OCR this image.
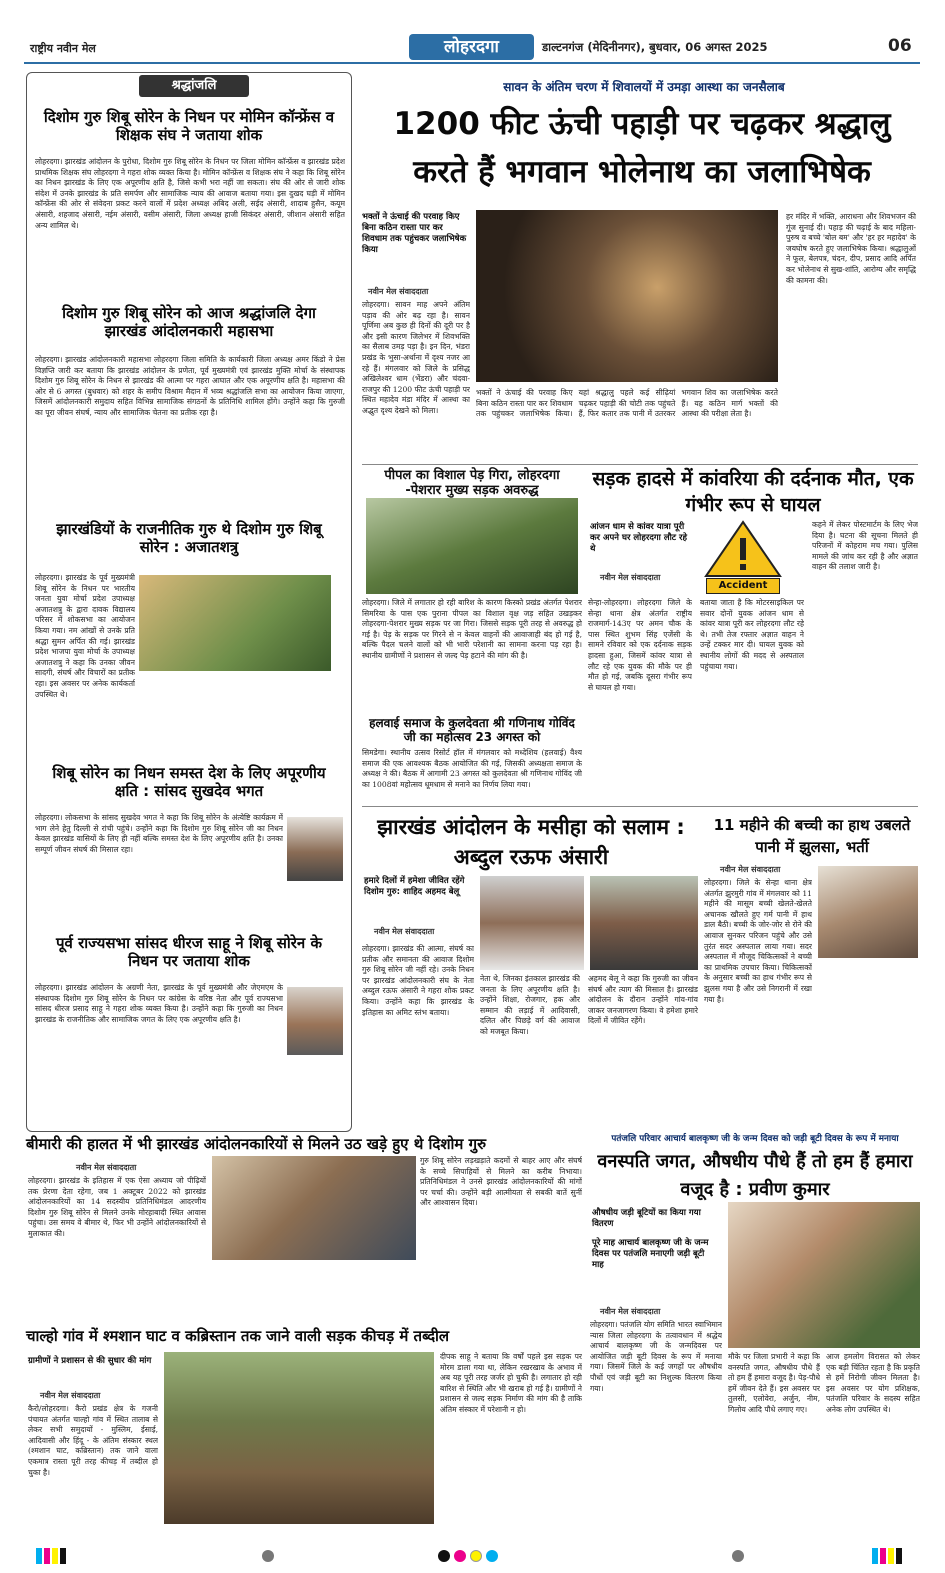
राष्ट्रीय नवीन मेल	लोहरदगा	डाल्टनगंज (मेदिनीनगर), बुधवार, 06 अगस्त 2025	06
श्रद्धांजलि
दिशोम गुरु शिबू सोरेन के निधन पर मोमिन कॉन्फ्रेंस व शिक्षक संघ ने जताया शोक
लोहरदगा। झारखंड आंदोलन के पुरोधा, दिशोम गुरु शिबू सोरेन के निधन पर जिला मोमिन कॉन्फ्रेंस व झारखंड प्रदेश प्राथमिक शिक्षक संघ लोहरदगा ने गहरा शोक व्यक्त किया है। मोमिन कॉन्फ्रेंस व शिक्षक संघ ने कहा कि शिबू सोरेन का निधन झारखंड के लिए एक अपूरणीय क्षति है, जिसे कभी भरा नहीं जा सकता। संघ की ओर से जारी शोक संदेश में उनके झारखंड के प्रति समर्पण और सामाजिक न्याय की आवाज बताया गया। इस दुखद घड़ी में मोमिन कॉन्फ्रेंस की ओर से संवेदना प्रकट करने वालों में प्रदेश अध्यक्ष अबिद अली, सईद अंसारी, शादाब हुसैन, कयूम अंसारी, शहजाद अंसारी, नईम अंसारी, वसीम अंसारी, जिला अध्यक्ष हाजी सिकंदर अंसारी, जीशान अंसारी सहित अन्य शामिल थे।
दिशोम गुरु शिबू सोरेन को आज श्रद्धांजलि देगा झारखंड आंदोलनकारी महासभा
लोहरदगा। झारखंड आंदोलनकारी महासभा लोहरदगा जिला समिति के कार्यकारी जिला अध्यक्ष अमर किंडो ने प्रेस विज्ञप्ति जारी कर बताया कि झारखंड आंदोलन के प्रणेता, पूर्व मुख्यमंत्री एवं झारखंड मुक्ति मोर्चा के संस्थापक दिशोम गुरु शिबू सोरेन के निधन से झारखंड की आत्मा पर गहरा आघात और एक अपूरणीय क्षति है। महासभा की ओर से 6 अगस्त (बुधवार) को शहर के समीप विश्राम मैदान में भव्य श्रद्धांजलि सभा का आयोजन किया जाएगा, जिसमें आंदोलनकारी समुदाय सहित विभिन्न सामाजिक संगठनों के प्रतिनिधि शामिल होंगे। उन्होंने कहा कि गुरुजी का पूरा जीवन संघर्ष, न्याय और सामाजिक चेतना का प्रतीक रहा है।
झारखंडियों के राजनीतिक गुरु थे दिशोम गुरु शिबू सोरेन : अजातशत्रु
लोहरदगा। झारखंड के पूर्व मुख्यमंत्री शिबू सोरेन के निधन पर भारतीय जनता युवा मोर्चा प्रदेश उपाध्यक्ष अजातशत्रु के द्वारा दावक विद्यालय परिसर में शोकसभा का आयोजन किया गया। नम आंखों से उनके प्रति श्रद्धा सुमन अर्पित की गई। झारखंड प्रदेश भाजपा युवा मोर्चा के उपाध्यक्ष अजातशत्रु ने कहा कि उनका जीवन सादगी, संघर्ष और विचारों का प्रतीक रहा। इस अवसर पर अनेक कार्यकर्ता उपस्थित थे।
शिबू सोरेन का निधन समस्त देश के लिए अपूरणीय क्षति : सांसद सुखदेव भगत
लोहरदगा। लोकसभा के सांसद सुखदेव भगत ने कहा कि शिबू सोरेन के अंत्येष्टि कार्यक्रम में भाग लेने हेतु दिल्ली से रांची पहुंचे। उन्होंने कहा कि दिशोम गुरु शिबू सोरेन जी का निधन केवल झारखंड वासियों के लिए ही नहीं बल्कि समस्त देश के लिए अपूरणीय क्षति है। उनका सम्पूर्ण जीवन संघर्ष की मिसाल रहा।
पूर्व राज्यसभा सांसद धीरज साहू ने शिबू सोरेन के निधन पर जताया शोक
लोहरदगा। झारखंड आंदोलन के अग्रणी नेता, झारखंड के पूर्व मुख्यमंत्री और जेएमएम के संस्थापक दिशोम गुरु शिबू सोरेन के निधन पर कांग्रेस के वरिष्ठ नेता और पूर्व राज्यसभा सांसद धीरज प्रसाद साहू ने गहरा शोक व्यक्त किया है। उन्होंने कहा कि गुरुजी का निधन झारखंड के राजनीतिक और सामाजिक जगत के लिए एक अपूरणीय क्षति है।
सावन के अंतिम चरण में शिवालयों में उमड़ा आस्था का जनसैलाब
1200 फीट ऊंची पहाड़ी पर चढ़कर श्रद्धालु करते हैं भगवान भोलेनाथ का जलाभिषेक
भक्तों ने ऊंचाई की परवाह किए बिना कठिन रास्ता पार कर शिवधाम तक पहुंचकर जलाभिषेक किया
नवीन मेल संवाददाता
लोहरदगा। सावन माह अपने अंतिम पड़ाव की ओर बढ़ रहा है। सावन पूर्णिमा अब कुछ ही दिनों की दूरी पर है और इसी कारण जिलेभर में शिवभक्ति का सैलाब उमड़ पड़ा है। इन दिन, भंडरा प्रखंड के भुसा-अर्थाना में दृश्य नजर आ रहे हैं। मंगलवार को जिले के प्रसिद्ध अखिलेश्वर धाम (भेंडरा) और चंदवा-राजपुर की 1200 फीट ऊंची पहाड़ी पर स्थित महादेव मंडा मंदिर में आस्था का अद्भुत दृश्य देखने को मिला।
भक्तों ने ऊंचाई की परवाह किए बिना कठिन रास्ता पार कर शिवधाम तक पहुंचकर जलाभिषेक किया। यहां श्रद्धालु पहले कई सीढ़ियां चढ़कर पहाड़ी की चोटी तक पहुंचते हैं, फिर कतार तक पानी में उतरकर भगवान शिव का जलाभिषेक करते हैं। यह कठिन मार्ग भक्तों की आस्था की परीक्षा लेता है।
हर मंदिर में भक्ति, आराधना और शिवभजन की गूंज सुनाई दी। पहाड़ की चढ़ाई के बाद महिला-पुरुष व बच्चे 'बोल बम' और 'हर हर महादेव' के जयघोष करते हुए जलाभिषेक किया। श्रद्धालुओं ने फूल, बेलपत्र, चंदन, दीप, प्रसाद आदि अर्पित कर भोलेनाथ से सुख-शांति, आरोग्य और समृद्धि की कामना की।
पीपल का विशाल पेड़ गिरा, लोहरदगा -पेशरार मुख्य सड़क अवरुद्ध
लोहरदगा। जिले में लगातार हो रही बारिश के कारण किस्को प्रखंड अंतर्गत पेशरार सिमरिया के पास एक पुराना पीपल का विशाल वृक्ष जड़ सहित उखड़कर लोहरदगा-पेशरार मुख्य सड़क पर जा गिरा। जिससे सड़क पूरी तरह से अवरुद्ध हो गई है। पेड़ के सड़क पर गिरने से न केवल वाहनों की आवाजाही बंद हो गई है, बल्कि पैदल चलने वालों को भी भारी परेशानी का सामना करना पड़ रहा है। स्थानीय ग्रामीणों ने प्रशासन से जल्द पेड़ हटाने की मांग की है।
हलवाई समाज के कुलदेवता श्री गणिनाथ गोविंद जी का महोत्सव 23 अगस्त को
सिमडेगा। स्थानीय उत्सव रिसोर्ट हॉल में मंगलवार को मध्देशिय (हलवाई) वैश्य समाज की एक आवश्यक बैठक आयोजित की गई, जिसकी अध्यक्षता समाज के अध्यक्ष ने की। बैठक में आगामी 23 अगस्त को कुलदेवता श्री गणिनाथ गोविंद जी का 1008वां महोत्सव धूमधाम से मनाने का निर्णय लिया गया।
सड़क हादसे में कांवरिया की दर्दनाक मौत, एक गंभीर रूप से घायल
आंजन धाम से कांवर यात्रा पूरी कर अपने घर लोहरदगा लौट रहे थे
नवीन मेल संवाददाता
Accident
सेन्हा-लोहरदगा। लोहरदगा जिले के सेन्हा थाना क्षेत्र अंतर्गत राष्ट्रीय राजमार्ग-143ए पर अमन चौक के पास स्थित शुभम सिंह एजेंसी के सामने रविवार को एक दर्दनाक सड़क हादसा हुआ, जिसमें कांवर यात्रा से लौट रहे एक युवक की मौके पर ही मौत हो गई, जबकि दूसरा गंभीर रूप से घायल हो गया।
बताया जाता है कि मोटरसाइकिल पर सवार दोनों युवक आंजन धाम से कांवर यात्रा पूरी कर लोहरदगा लौट रहे थे। तभी तेज रफ्तार अज्ञात वाहन ने उन्हें टक्कर मार दी। घायल युवक को स्थानीय लोगों की मदद से अस्पताल पहुंचाया गया।
कहने में लेकर पोस्टमार्टम के लिए भेज दिया है। घटना की सूचना मिलते ही परिजनों में कोहराम मच गया। पुलिस मामले की जांच कर रही है और अज्ञात वाहन की तलाश जारी है।
झारखंड आंदोलन के मसीहा को सलाम : अब्दुल रऊफ अंसारी
हमारे दिलों में हमेशा जीवित रहेंगे दिशोम गुरु: शाहिद अहमद बेलू
नवीन मेल संवाददाता
लोहरदगा। झारखंड की आत्मा, संघर्ष का प्रतीक और समानता की आवाज दिशोम गुरु शिबू सोरेन जी नहीं रहे। उनके निधन पर झारखंड आंदोलनकारी संघ के नेता अब्दुल रऊफ अंसारी ने गहरा शोक प्रकट किया। उन्होंने कहा कि झारखंड के इतिहास का अमिट स्तंभ बताया।
नेता थे, जिनका इंतकाल झारखंड की जनता के लिए अपूरणीय क्षति है। उन्होंने शिक्षा, रोजगार, हक और सम्मान की लड़ाई में आदिवासी, दलित और पिछड़े वर्ग की आवाज को मजबूत किया।
अहमद बेलू ने कहा कि गुरुजी का जीवन संघर्ष और त्याग की मिसाल है। झारखंड आंदोलन के दौरान उन्होंने गांव-गांव जाकर जनजागरण किया। वे हमेशा हमारे दिलों में जीवित रहेंगे।
11 महीने की बच्ची का हाथ उबलते पानी में झुलसा, भर्ती
नवीन मेल संवाददाता
लोहरदगा। जिले के सेन्हा थाना क्षेत्र अंतर्गत झुरमुरी गांव में मंगलवार को 11 महीने की मासूम बच्ची खेलते-खेलते अचानक खौलते हुए गर्म पानी में हाथ डाल बैठी। बच्ची के जोर-जोर से रोने की आवाज सुनकर परिजन पहुंचे और उसे तुरंत सदर अस्पताल लाया गया। सदर अस्पताल में मौजूद चिकित्सकों ने बच्ची का प्राथमिक उपचार किया। चिकित्सकों के अनुसार बच्ची का हाथ गंभीर रूप से झुलस गया है और उसे निगरानी में रखा गया है।
बीमारी की हालत में भी झारखंड आंदोलनकारियों से मिलने उठ खड़े हुए थे दिशोम गुरु
नवीन मेल संवाददाता
लोहरदगा। झारखंड के इतिहास में एक ऐसा अध्याय जो पीढ़ियों तक प्रेरणा देता रहेगा, जब 1 अक्टूबर 2022 को झारखंड आंदोलनकारियों का 14 सदस्यीय प्रतिनिधिमंडल आदरणीय दिशोम गुरु शिबू सोरेन से मिलने उनके मोरहाबादी स्थित आवास पहुंचा। उस समय वे बीमार थे, फिर भी उन्होंने आंदोलनकारियों से मुलाकात की।
गुरु शिबू सोरेन लड़खड़ाते कदमों से बाहर आए और संघर्ष के सच्चे सिपाहियों से मिलने का करीब निभाया। प्रतिनिधिमंडल ने उनसे झारखंड आंदोलनकारियों की मांगों पर चर्चा की। उन्होंने बड़ी आत्मीयता से सबकी बातें सुनीं और आश्वासन दिया।
चाल्हो गांव में श्मशान घाट व कब्रिस्तान तक जाने वाली सड़क कीचड़ में तब्दील
ग्रामीणों ने प्रशासन से की सुधार की मांग
नवीन मेल संवाददाता
कैरो/लोहरदगा। कैरो प्रखंड क्षेत्र के गजनी पंचायत अंतर्गत चाल्हो गांव में स्थित तालाब से लेकर सभी समुदायों - मुस्लिम, ईसाई, आदिवासी और हिंदू - के अंतिम संस्कार स्थल (श्मशान घाट, कब्रिस्तान) तक जाने वाला एकमात्र रास्ता पूरी तरह कीचड़ में तब्दील हो चुका है।
दीपक साहू ने बताया कि वर्षों पहले इस सड़क पर मोरम डाला गया था, लेकिन रखरखाव के अभाव में अब यह पूरी तरह जर्जर हो चुकी है। लगातार हो रही बारिश से स्थिति और भी खराब हो गई है। ग्रामीणों ने प्रशासन से जल्द सड़क निर्माण की मांग की है ताकि अंतिम संस्कार में परेशानी न हो।
पतंजलि परिवार आचार्य बालकृष्ण जी के जन्म दिवस को जड़ी बूटी दिवस के रूप में मनाया
वनस्पति जगत, औषधीय पौधे हैं तो हम हैं हमारा वजूद है : प्रवीण कुमार
औषधीय जड़ी बूटियों का किया गया वितरण
पूरे माह आचार्य बालकृष्ण जी के जन्म दिवस पर पतंजलि मनाएगी जड़ी बूटी माह
नवीन मेल संवाददाता
लोहरदगा। पतंजलि योग समिति भारत स्वाभिमान न्यास जिला लोहरदगा के तत्वावधान में श्रद्धेय आचार्य बालकृष्ण जी के जन्मदिवस पर आयोजित जड़ी बूटी दिवस के रूप में मनाया गया। जिसमें जिले के कई जगहों पर औषधीय पौधों एवं जड़ी बूटी का निशुल्क वितरण किया गया।
मौके पर जिला प्रभारी ने कहा कि वनस्पति जगत, औषधीय पौधे हैं तो हम हैं हमारा वजूद है। पेड़-पौधे हमें जीवन देते हैं। इस अवसर पर तुलसी, एलोवेरा, अर्जुन, नीम, गिलोय आदि पौधे लगाए गए।
आज हमलोग विरासत को लेकर एक बड़ी चिंतित रहता है कि प्रकृति से हमें निरोगी जीवन मिलता है। इस अवसर पर योग प्रशिक्षक, पतंजलि परिवार के सदस्य सहित अनेक लोग उपस्थित थे।
